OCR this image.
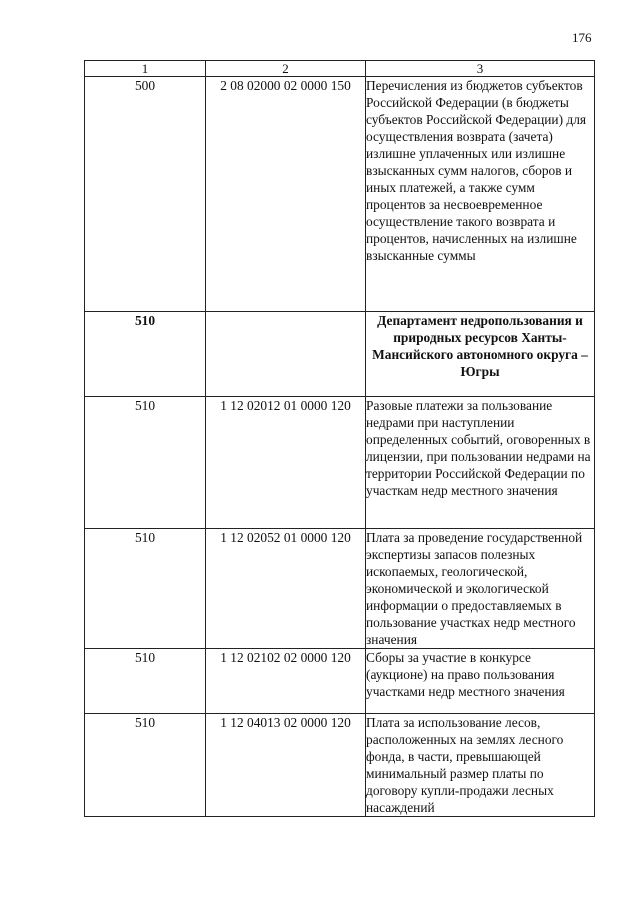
176
1	2	3
500	2 08 02000 02 0000 150	Перечисления из бюджетов субъектов Российской Федерации (в бюджеты субъектов Российской Федерации) для осуществления возврата (зачета) излишне уплаченных или излишне взысканных сумм налогов, сборов и иных платежей, а также сумм процентов за несвоевременное осуществление такого возврата и процентов, начисленных на излишне взысканные суммы
510		Департамент недропользования и природных ресурсов Ханты-Мансийского автономного округа – Югры
510	1 12 02012 01 0000 120	Разовые платежи за пользование недрами при наступлении определенных событий, оговоренных в лицензии, при пользовании недрами на территории Российской Федерации по участкам недр местного значения
510	1 12 02052 01 0000 120	Плата за проведение государственной экспертизы запасов полезных ископаемых, геологической, экономической и экологической информации о предоставляемых в пользование участках недр местного значения
510	1 12 02102 02 0000 120	Сборы за участие в конкурсе (аукционе) на право пользования участками недр местного значения
510	1 12 04013 02 0000 120	Плата за использование лесов, расположенных на землях лесного фонда, в части, превышающей минимальный размер платы по договору купли-продажи лесных насаждений
